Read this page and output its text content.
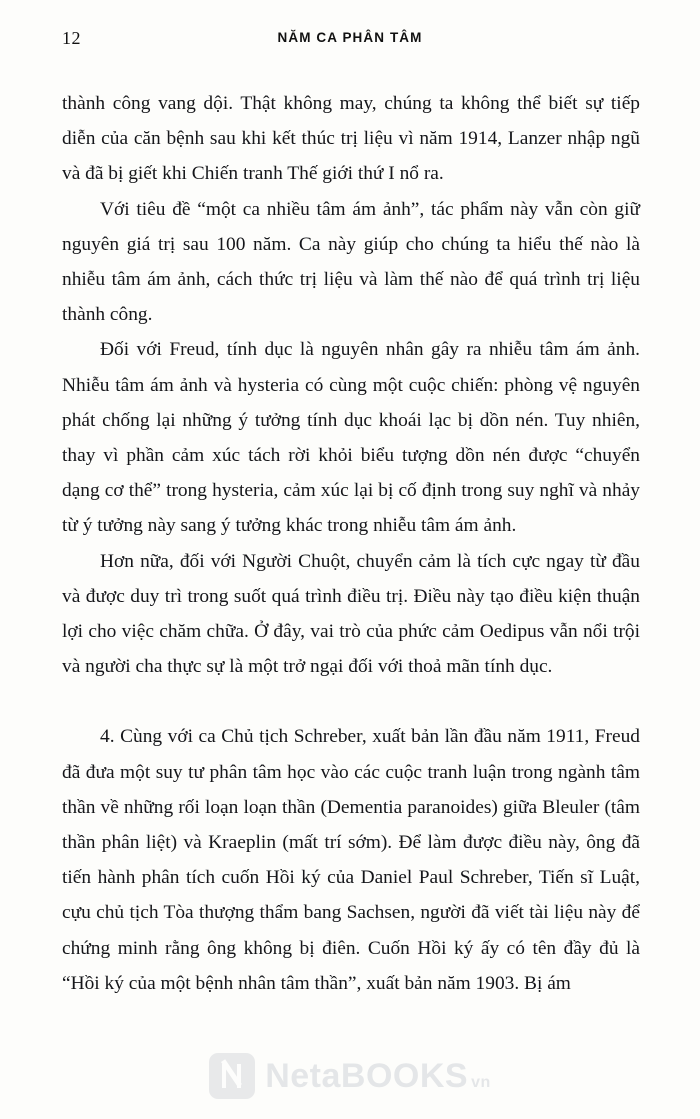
12	NĂM CA PHÂN TÂM

thành công vang dội. Thật không may, chúng ta không thể biết sự tiếp diễn của căn bệnh sau khi kết thúc trị liệu vì năm 1914, Lanzer nhập ngũ và đã bị giết khi Chiến tranh Thế giới thứ I nổ ra.

Với tiêu đề “một ca nhiều tâm ám ảnh”, tác phẩm này vẫn còn giữ nguyên giá trị sau 100 năm. Ca này giúp cho chúng ta hiểu thế nào là nhiễu tâm ám ảnh, cách thức trị liệu và làm thế nào để quá trình trị liệu thành công.

Đối với Freud, tính dục là nguyên nhân gây ra nhiễu tâm ám ảnh. Nhiễu tâm ám ảnh và hysteria có cùng một cuộc chiến: phòng vệ nguyên phát chống lại những ý tưởng tính dục khoái lạc bị dồn nén. Tuy nhiên, thay vì phần cảm xúc tách rời khỏi biểu tượng dồn nén được “chuyển dạng cơ thể” trong hysteria, cảm xúc lại bị cố định trong suy nghĩ và nhảy từ ý tưởng này sang ý tưởng khác trong nhiễu tâm ám ảnh.

Hơn nữa, đối với Người Chuột, chuyển cảm là tích cực ngay từ đầu và được duy trì trong suốt quá trình điều trị. Điều này tạo điều kiện thuận lợi cho việc chăm chữa. Ở đây, vai trò của phức cảm Oedipus vẫn nổi trội và người cha thực sự là một trở ngại đối với thoả mãn tính dục.

4. Cùng với ca Chủ tịch Schreber, xuất bản lần đầu năm 1911, Freud đã đưa một suy tư phân tâm học vào các cuộc tranh luận trong ngành tâm thần về những rối loạn loạn thần (Dementia paranoides) giữa Bleuler (tâm thần phân liệt) và Kraeplin (mất trí sớm). Để làm được điều này, ông đã tiến hành phân tích cuốn Hồi ký của Daniel Paul Schreber, Tiến sĩ Luật, cựu chủ tịch Tòa thượng thẩm bang Sachsen, người đã viết tài liệu này để chứng minh rằng ông không bị điên. Cuốn Hồi ký ấy có tên đầy đủ là “Hồi ký của một bệnh nhân tâm thần”, xuất bản năm 1903. Bị ám

NetaBOOKS vn
